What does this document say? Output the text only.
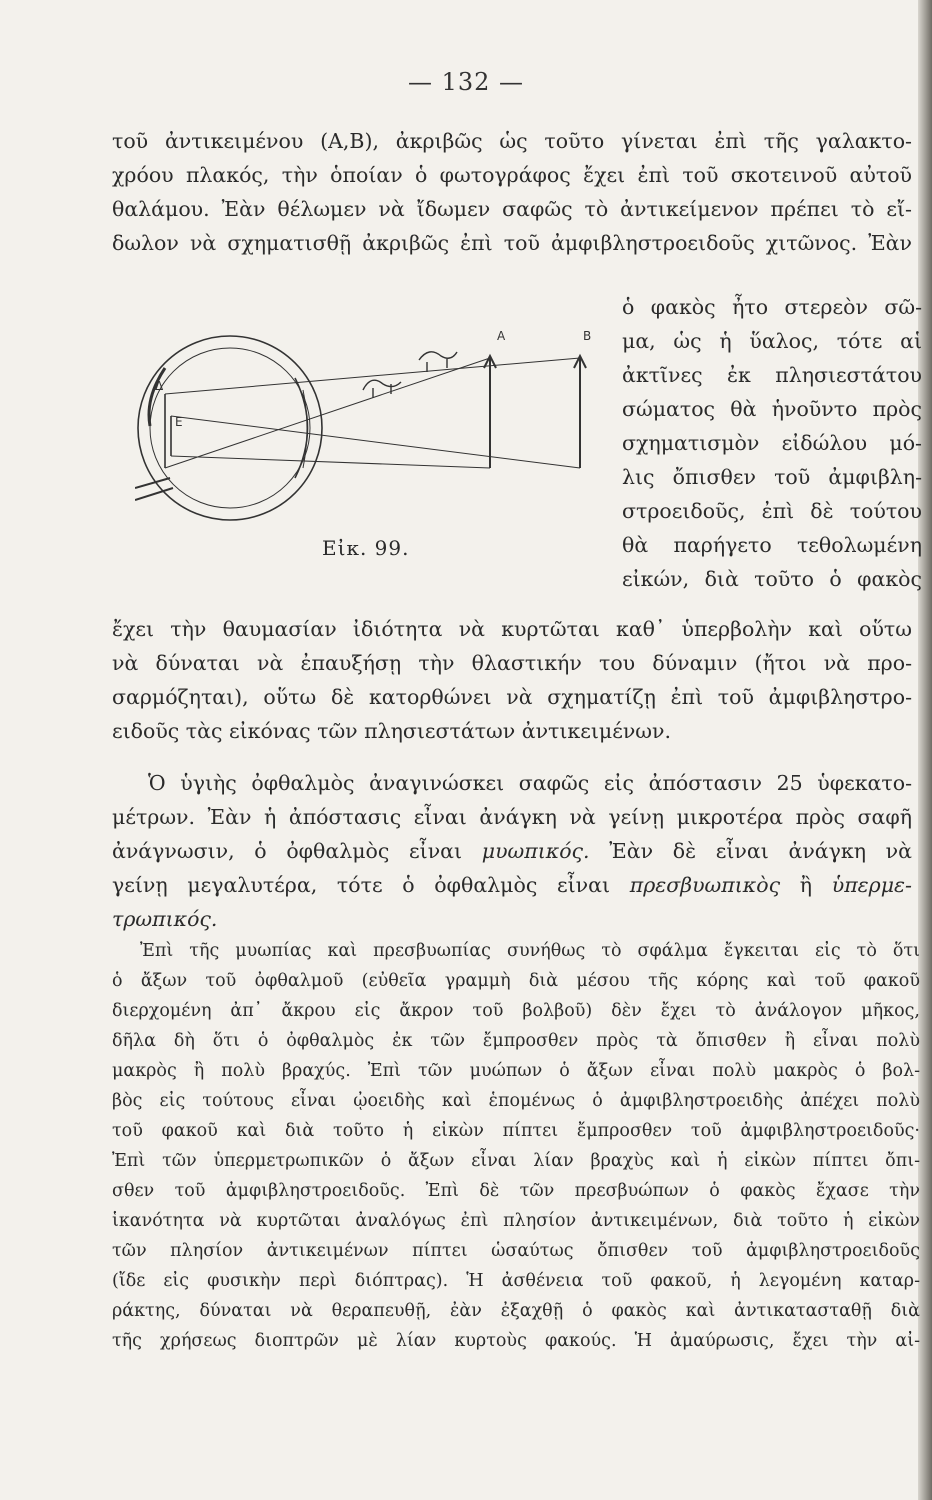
— 132 —

τοῦ ἀντικειμένου (Α,Β), ἀκριβῶς ὡς τοῦτο γίνεται ἐπὶ τῆς γαλακτο-
χρόου πλακός, τὴν ὁποίαν ὁ φωτογράφος ἔχει ἐπὶ τοῦ σκοτεινοῦ αὐτοῦ
θαλάμου. Ἐὰν θέλωμεν νὰ ἴδωμεν σαφῶς τὸ ἀντικείμενον πρέπει τὸ εἴ-
δωλον νὰ σχηματισθῇ ἀκριβῶς ἐπὶ τοῦ ἀμφιβληστροειδοῦς χιτῶνος. Ἐὰν

ὁ φακὸς ἦτο στερεὸν σῶ-
μα, ὡς ἡ ὕαλος, τότε αἱ
ἀκτῖνες ἐκ πλησιεστάτου
σώματος θὰ ἡνοῦντο πρὸς
σχηματισμὸν εἰδώλου μό-
λις ὄπισθεν τοῦ ἀμφιβλη-
στροειδοῦς, ἐπὶ δὲ τούτου
θὰ παρήγετο τεθολωμένη
εἰκών, διὰ τοῦτο ὁ φακὸς

Α	Β
Δ
Ε
Εἰκ. 99.

ἔχει τὴν θαυμασίαν ἰδιότητα νὰ κυρτῶται καθ᾽ ὑπερβολὴν καὶ οὕτω
νὰ δύναται νὰ ἐπαυξήσῃ τὴν θλαστικήν του δύναμιν (ἤτοι νὰ προ-
σαρμόζηται), οὕτω δὲ κατορθώνει νὰ σχηματίζῃ ἐπὶ τοῦ ἀμφιβληστρο-
ειδοῦς τὰς εἰκόνας τῶν πλησιεστάτων ἀντικειμένων.

Ὁ ὑγιὴς ὀφθαλμὸς ἀναγινώσκει σαφῶς εἰς ἀπόστασιν 25 ὑφεκατο-
μέτρων. Ἐὰν ἡ ἀπόστασις εἶναι ἀνάγκη νὰ γείνῃ μικροτέρα πρὸς σαφῆ
ἀνάγνωσιν, ὁ ὀφθαλμὸς εἶναι μυωπικός. Ἐὰν δὲ εἶναι ἀνάγκη νὰ
γείνῃ μεγαλυτέρα, τότε ὁ ὀφθαλμὸς εἶναι πρεσβυωπικὸς ἢ ὑπερμε-
τρωπικός.

Ἐπὶ τῆς μυωπίας καὶ πρεσβυωπίας συνήθως τὸ σφάλμα ἔγκειται εἰς τὸ ὅτι
ὁ ἄξων τοῦ ὀφθαλμοῦ (εὐθεῖα γραμμὴ διὰ μέσου τῆς κόρης καὶ τοῦ φακοῦ
διερχομένη ἀπ᾽ ἄκρου εἰς ἄκρον τοῦ βολβοῦ) δὲν ἔχει τὸ ἀνάλογον μῆκος,
δῆλα δὴ ὅτι ὁ ὀφθαλμὸς ἐκ τῶν ἔμπροσθεν πρὸς τὰ ὄπισθεν ἢ εἶναι πολὺ
μακρὸς ἢ πολὺ βραχύς. Ἐπὶ τῶν μυώπων ὁ ἄξων εἶναι πολὺ μακρὸς ὁ βολ-
βὸς εἰς τούτους εἶναι ᾠοειδὴς καὶ ἑπομένως ὁ ἀμφιβληστροειδὴς ἀπέχει πολὺ
τοῦ φακοῦ καὶ διὰ τοῦτο ἡ εἰκὼν πίπτει ἔμπροσθεν τοῦ ἀμφιβληστροειδοῦς·
Ἐπὶ τῶν ὑπερμετρωπικῶν ὁ ἄξων εἶναι λίαν βραχὺς καὶ ἡ εἰκὼν πίπτει ὄπι-
σθεν τοῦ ἀμφιβληστροειδοῦς. Ἐπὶ δὲ τῶν πρεσβυώπων ὁ φακὸς ἔχασε τὴν
ἱκανότητα νὰ κυρτῶται ἀναλόγως ἐπὶ πλησίον ἀντικειμένων, διὰ τοῦτο ἡ εἰκὼν
τῶν πλησίον ἀντικειμένων πίπτει ὡσαύτως ὄπισθεν τοῦ ἀμφιβληστροειδοῦς
(ἴδε εἰς φυσικὴν περὶ διόπτρας). Ἡ ἀσθένεια τοῦ φακοῦ, ἡ λεγομένη καταρ-
ράκτης, δύναται νὰ θεραπευθῇ, ἐὰν ἐξαχθῇ ὁ φακὸς καὶ ἀντικατασταθῇ διὰ
τῆς χρήσεως διοπτρῶν μὲ λίαν κυρτοὺς φακούς. Ἡ ἀμαύρωσις, ἔχει τὴν αἰ-
